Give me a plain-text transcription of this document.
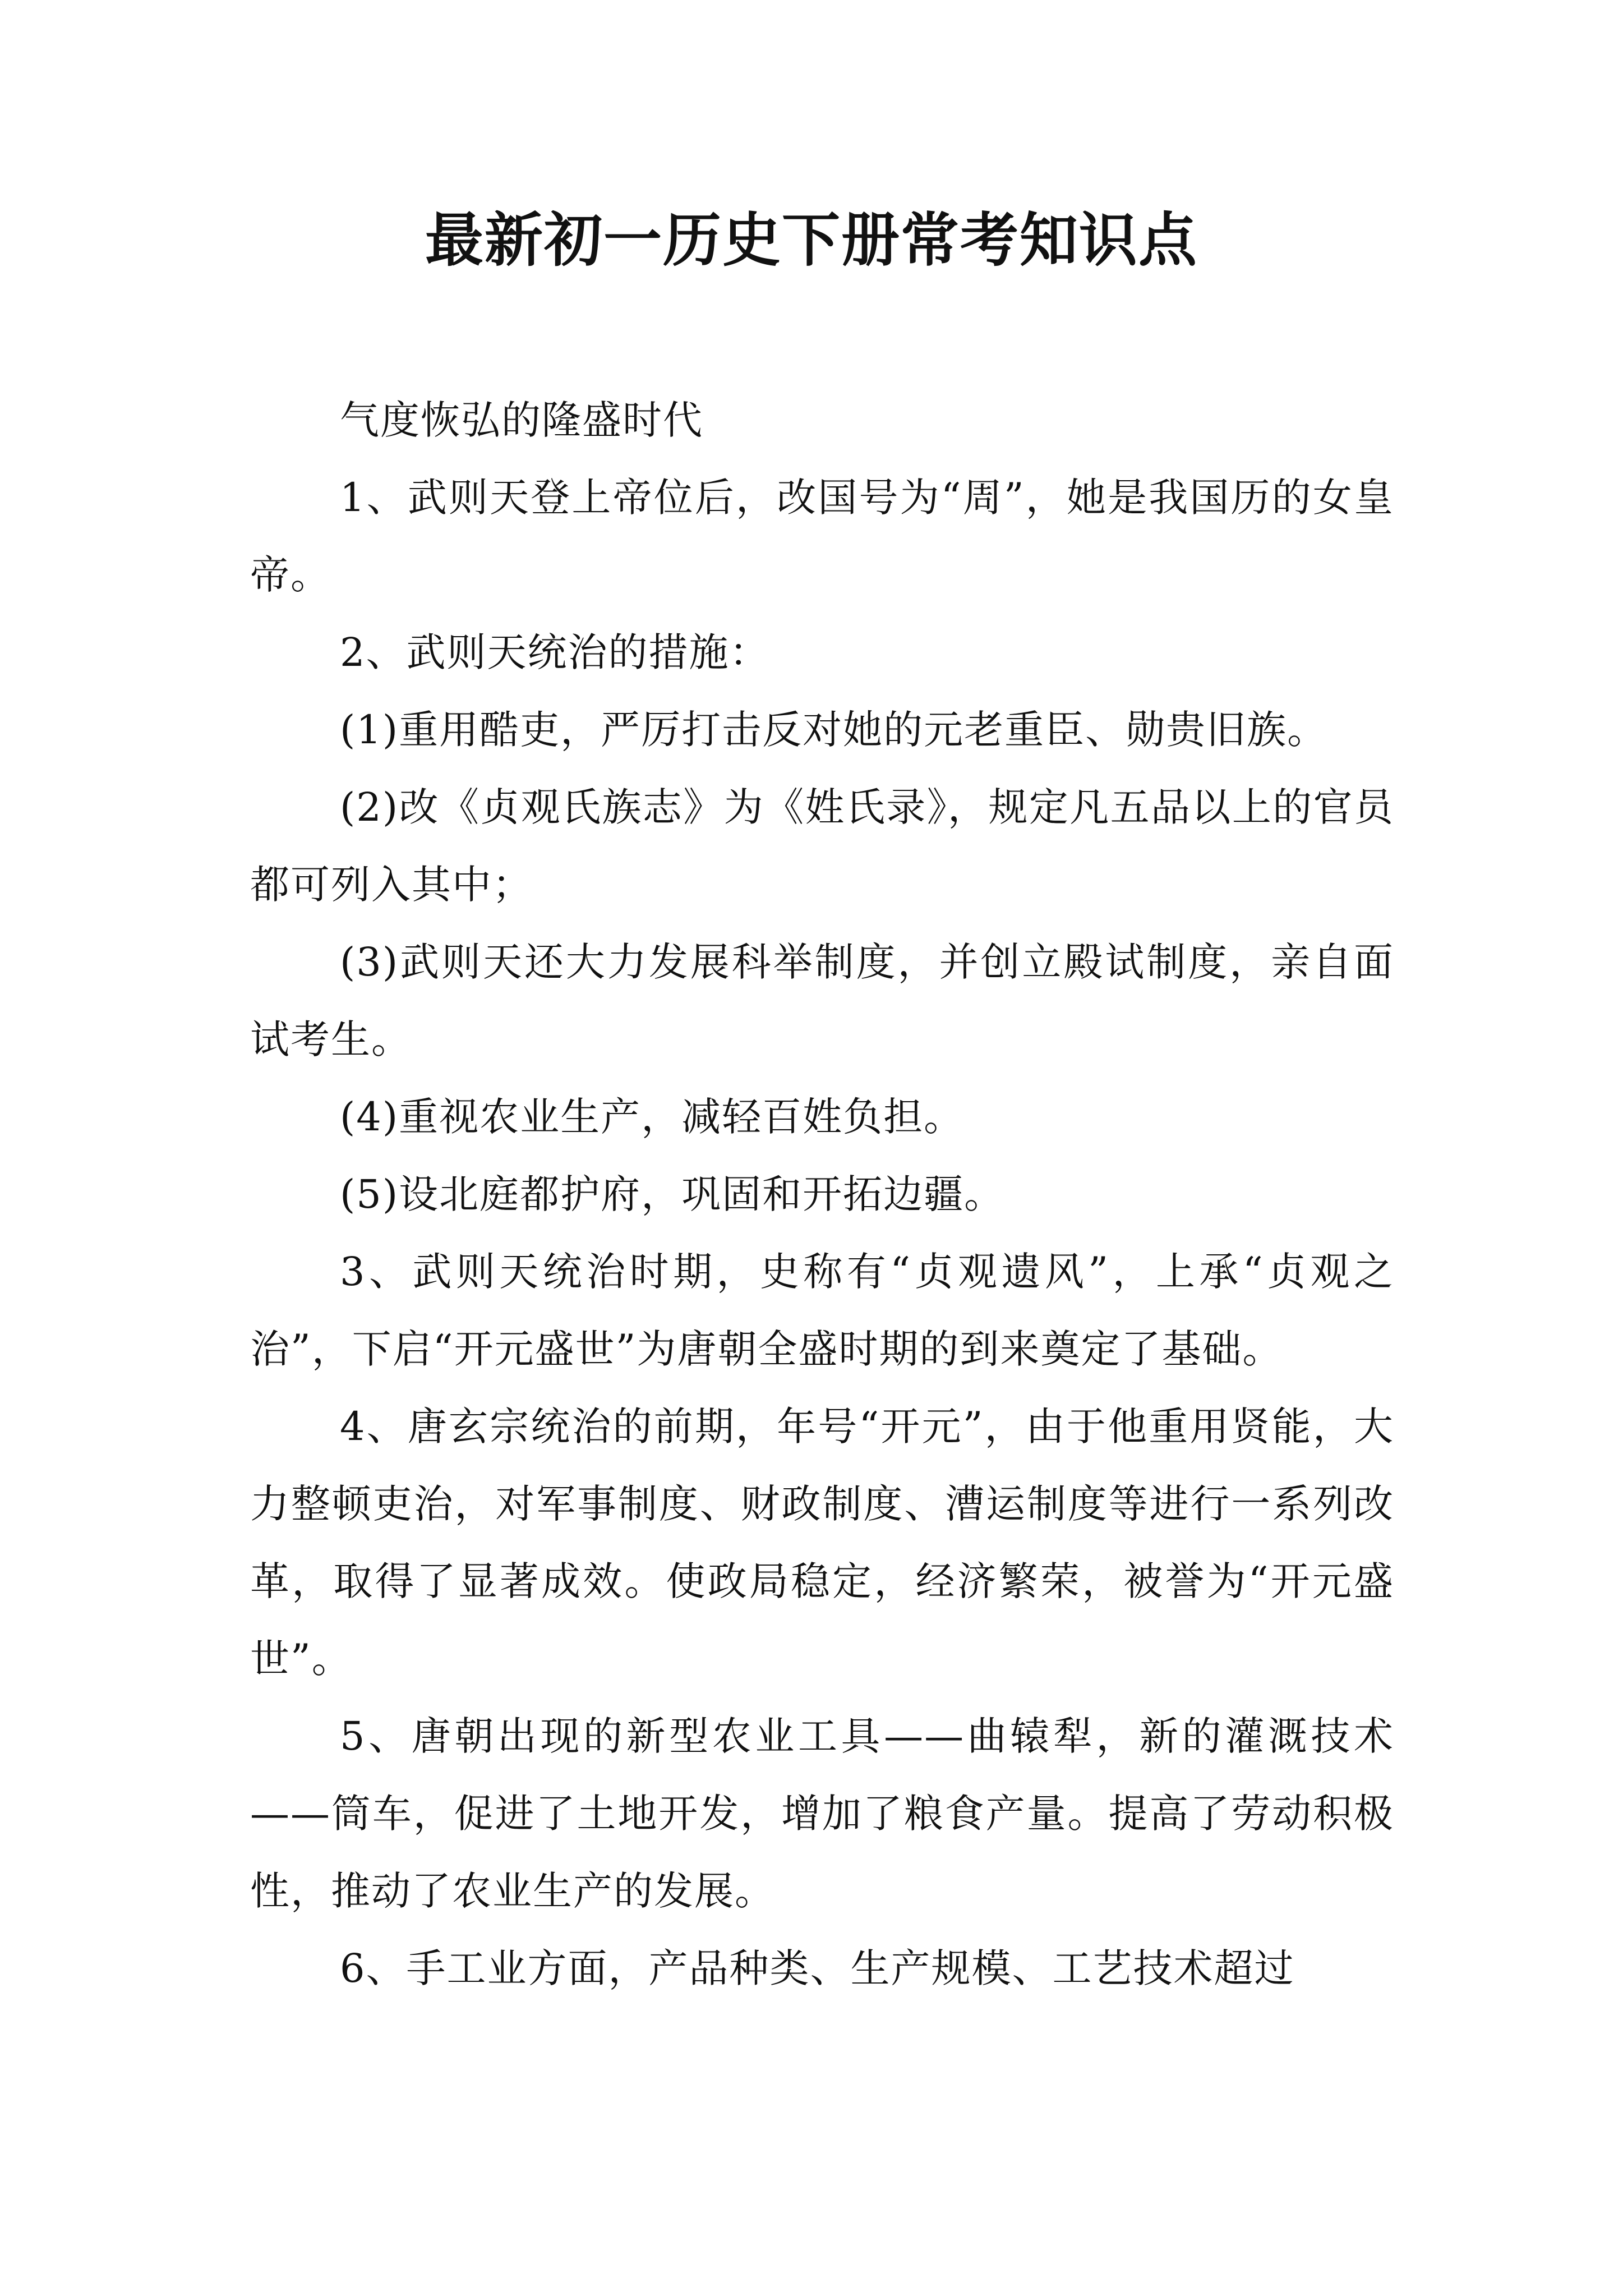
最新初一历史下册常考知识点

气度恢弘的隆盛时代

1、武则天登上帝位后，改国号为“周”，她是我国历的女皇帝。

2、武则天统治的措施：

(1)重用酷吏，严厉打击反对她的元老重臣、勋贵旧族。

(2)改《贞观氏族志》为《姓氏录》，规定凡五品以上的官员都可列入其中；

(3)武则天还大力发展科举制度，并创立殿试制度，亲自面试考生。

(4)重视农业生产，减轻百姓负担。

(5)设北庭都护府，巩固和开拓边疆。

3、武则天统治时期，史称有“贞观遗风”，上承“贞观之治”，下启“开元盛世”为唐朝全盛时期的到来奠定了基础。

4、唐玄宗统治的前期，年号“开元”，由于他重用贤能，大力整顿吏治，对军事制度、财政制度、漕运制度等进行一系列改革，取得了显著成效。使政局稳定，经济繁荣，被誉为“开元盛世”。

5、唐朝出现的新型农业工具——曲辕犁，新的灌溉技术——筒车，促进了土地开发，增加了粮食产量。提高了劳动积极性，推动了农业生产的发展。

6、手工业方面，产品种类、生产规模、工艺技术超过
